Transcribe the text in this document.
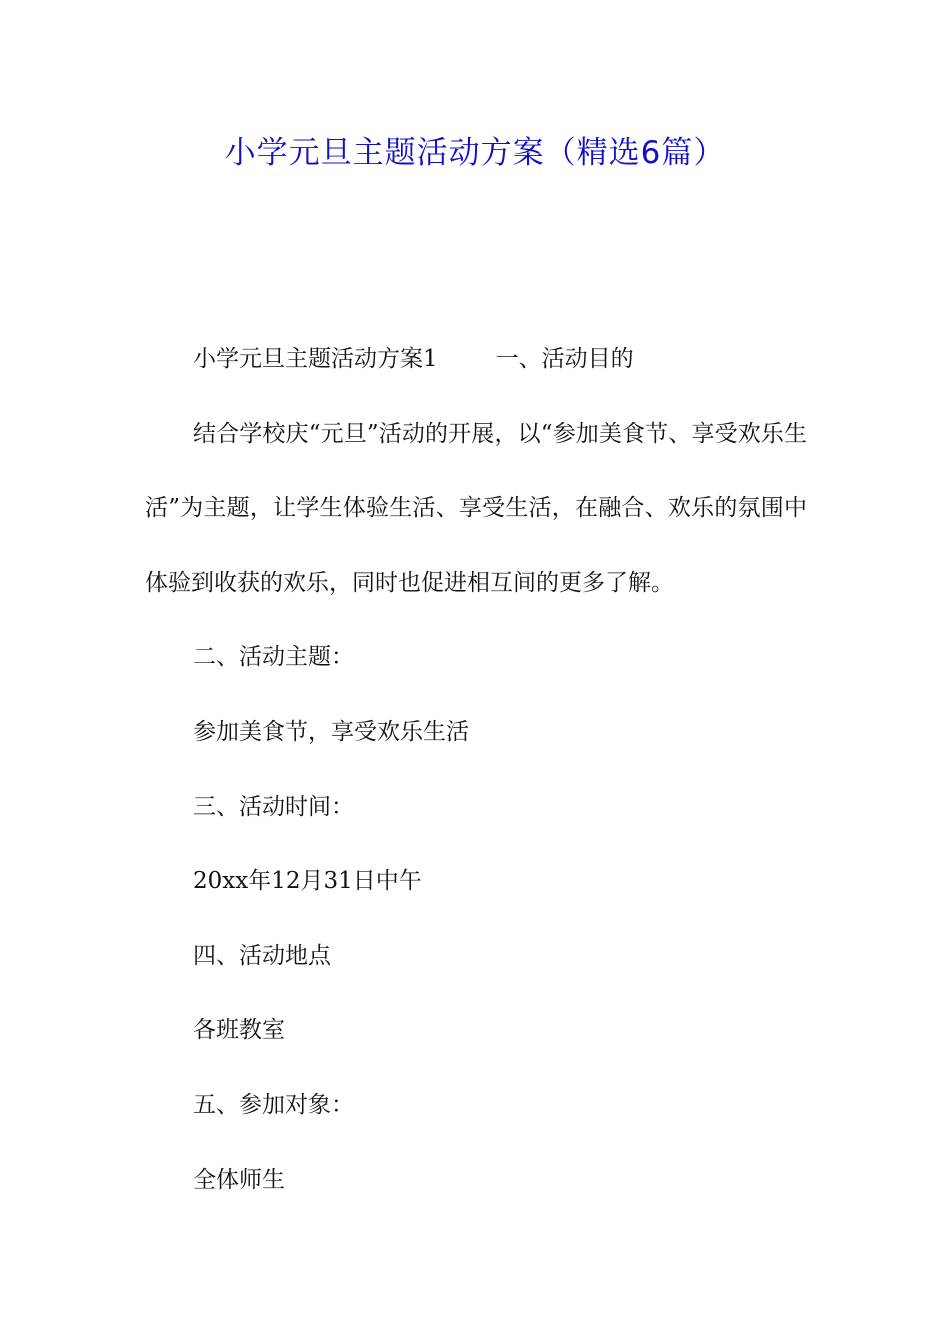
小学元旦主题活动方案（精选6篇）

小学元旦主题活动方案1	一、活动目的

结合学校庆“元旦”活动的开展，以“参加美食节、享受欢乐生活”为主题，让学生体验生活、享受生活，在融合、欢乐的氛围中体验到收获的欢乐，同时也促进相互间的更多了解。

二、活动主题：

参加美食节，享受欢乐生活

三、活动时间：

20xx年12月31日中午

四、活动地点

各班教室

五、参加对象：

全体师生
